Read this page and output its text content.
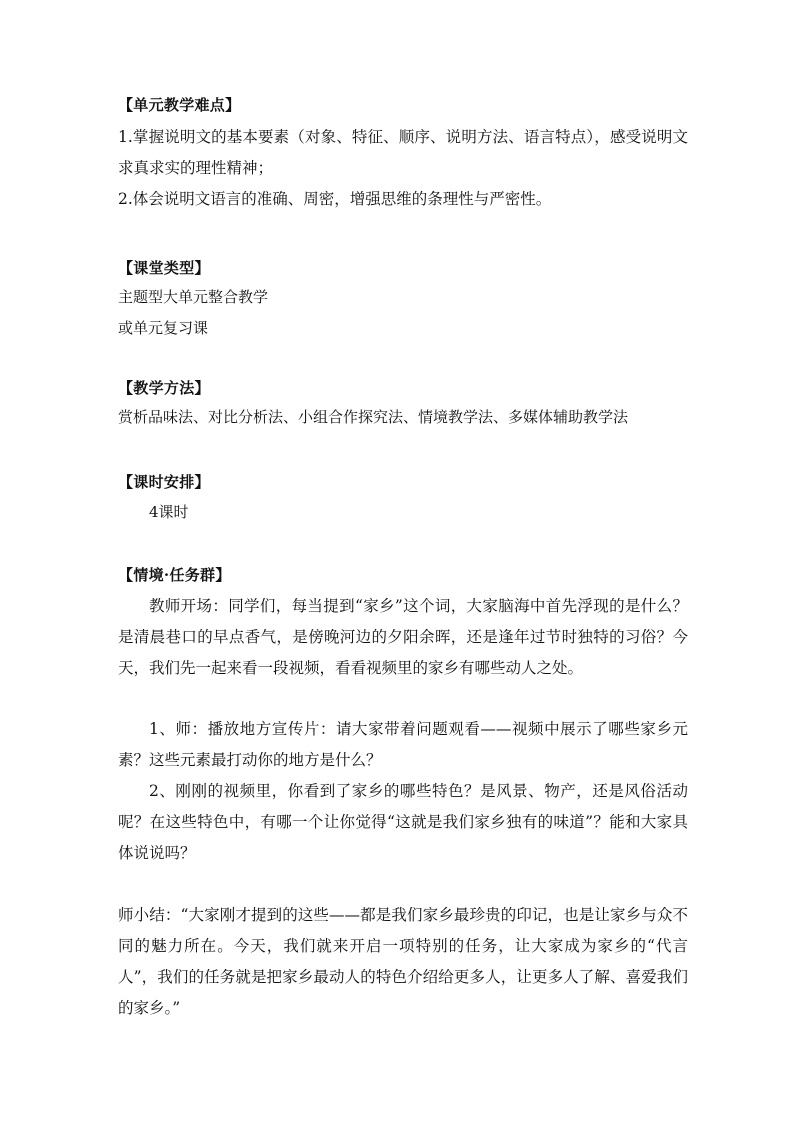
【单元教学难点】

1.掌握说明文的基本要素（对象、特征、顺序、说明方法、语言特点），感受说明文求真求实的理性精神；

2.体会说明文语言的准确、周密，增强思维的条理性与严密性。

【课堂类型】

主题型大单元整合教学

或单元复习课

【教学方法】

赏析品味法、对比分析法、小组合作探究法、情境教学法、多媒体辅助教学法

【课时安排】

4课时

【情境·任务群】

教师开场：同学们，每当提到“家乡”这个词，大家脑海中首先浮现的是什么？是清晨巷口的早点香气，是傍晚河边的夕阳余晖，还是逢年过节时独特的习俗？今天，我们先一起来看一段视频，看看视频里的家乡有哪些动人之处。

1、师：播放地方宣传片：请大家带着问题观看——视频中展示了哪些家乡元素？这些元素最打动你的地方是什么？

2、刚刚的视频里，你看到了家乡的哪些特色？是风景、物产，还是风俗活动呢？在这些特色中，有哪一个让你觉得“这就是我们家乡独有的味道”？能和大家具体说说吗？

师小结：“大家刚才提到的这些——都是我们家乡最珍贵的印记，也是让家乡与众不同的魅力所在。今天，我们就来开启一项特别的任务，让大家成为家乡的“代言人”，我们的任务就是把家乡最动人的特色介绍给更多人，让更多人了解、喜爱我们的家乡。”
